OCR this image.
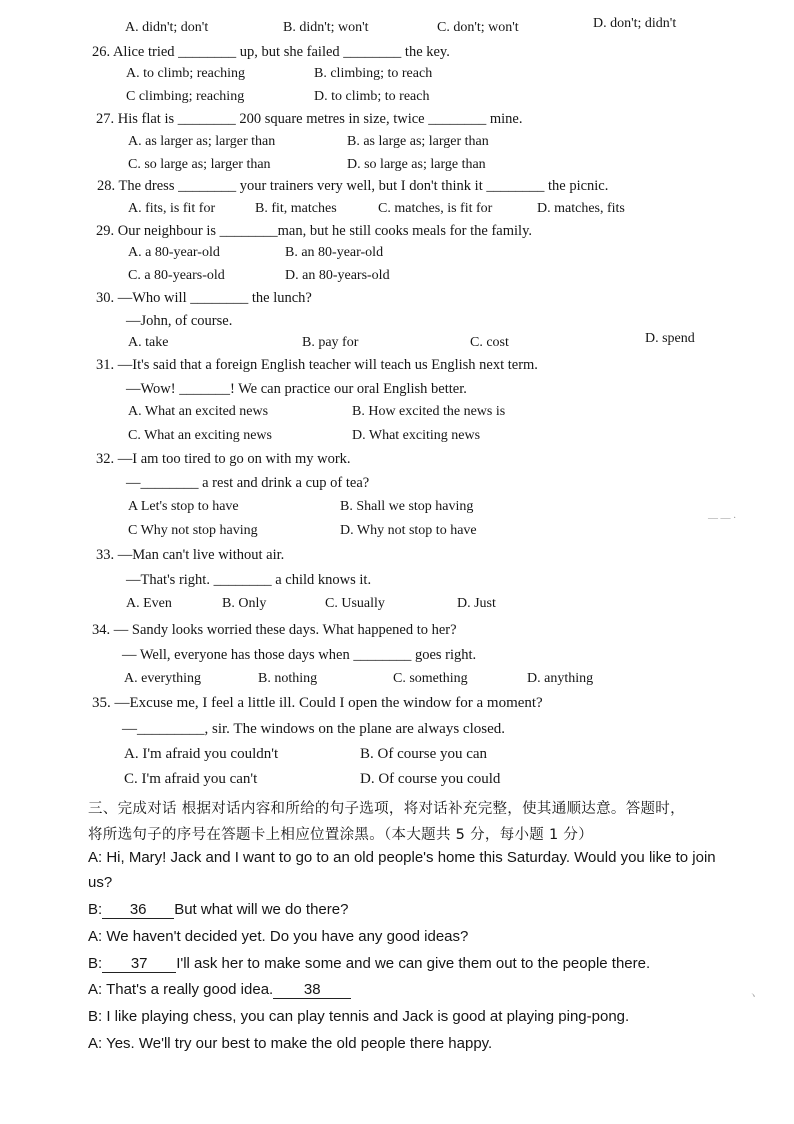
A. didn't; don't	B. didn't; won't	C. don't; won't	D. don't; didn't
26. Alice tried ________ up, but she failed ________ the key.
A. to climb; reaching	B. climbing; to reach
C climbing; reaching	D. to climb; to reach
27. His flat is ________ 200 square metres in size, twice ________ mine.
A. as larger as; larger than	B. as large as; larger than
C. so large as; larger than	D. so large as; large than
28. The dress ________ your trainers very well, but I don't think it ________ the picnic.
A. fits, is fit for	B. fit, matches	C. matches, is fit for	D. matches, fits
29. Our neighbour is ________man, but he still cooks meals for the family.
A. a 80-year-old	B. an 80-year-old
C. a 80-years-old	D. an 80-years-old
30. —Who will ________ the lunch?
—John, of course.
A. take	B. pay for	C. cost	D. spend
31. —It's said that a foreign English teacher will teach us English next term.
—Wow! _______! We can practice our oral English better.
A. What an excited news	B. How excited the news is
C. What an exciting news	D. What exciting news
32. —I am too tired to go on with my work.
—________ a rest and drink a cup of tea?
A Let's stop to have	B. Shall we stop having
C Why not stop having	D. Why not stop to have
— — ·
33. —Man can't live without air.
—That's right. ________ a child knows it.
A. Even	B. Only	C. Usually	D. Just
34. — Sandy looks worried these days. What happened to her?
— Well, everyone has those days when ________ goes right.
A. everything	B. nothing	C. something	D. anything
35. —Excuse me, I feel a little ill. Could I open the window for a moment?
—_________, sir. The windows on the plane are always closed.
A. I'm afraid you couldn't	B. Of course you can
C. I'm afraid you can't	D. Of course you could
三、完成对话 根据对话内容和所给的句子选项，将对话补充完整，使其通顺达意。答题时，
将所选句子的序号在答题卡上相应位置涂黑。（本大题共 5 分，每小题 1 分）
A: Hi, Mary! Jack and I want to go to an old people's home this Saturday. Would you like to join
us?
B: 36 But what will we do there?
A: We haven't decided yet. Do you have any good ideas?
B: 37 I'll ask her to make some and we can give them out to the people there.
A: That's a really good idea. 38	ヽ
B: I like playing chess, you can play tennis and Jack is good at playing ping-pong.
A: Yes. We'll try our best to make the old people there happy.
